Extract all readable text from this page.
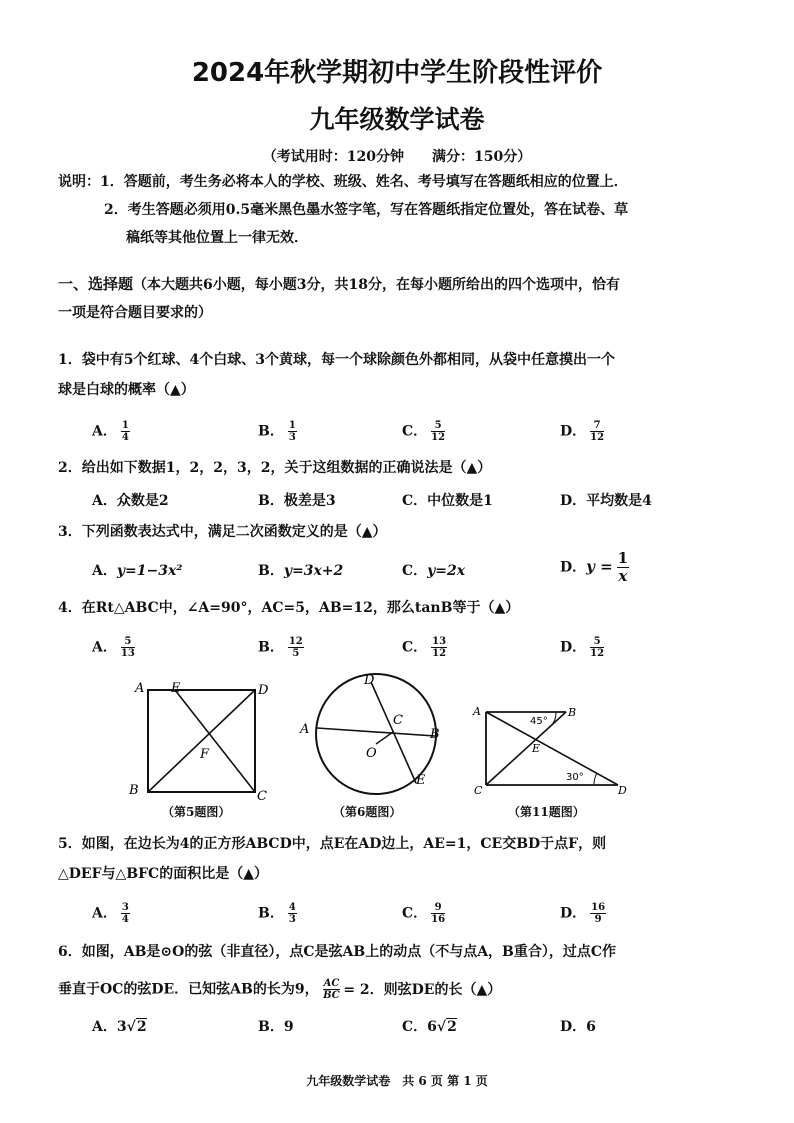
2024年秋学期初中学生阶段性评价
九年级数学试卷
（考试用时：120分钟　　满分：150分）
说明：1．答题前，考生务必将本人的学校、班级、姓名、考号填写在答题纸相应的位置上．
2．考生答题必须用0.5毫米黑色墨水签字笔，写在答题纸指定位置处，答在试卷、草
稿纸等其他位置上一律无效．
一、选择题（本大题共6小题，每小题3分，共18分，在每小题所给出的四个选项中，恰有
一项是符合题目要求的）
1．袋中有5个红球、4个白球、3个黄球，每一个球除颜色外都相同，从袋中任意摸出一个
球是白球的概率（▲）
A． $\frac{1}{4}$	B． $\frac{1}{3}$	C． $\frac{5}{12}$	D． $\frac{7}{12}$
2．给出如下数据1，2，2，3，2，关于这组数据的正确说法是（▲）
A．众数是2	B．极差是3	C．中位数是1	D．平均数是4
3．下列函数表达式中，满足二次函数定义的是（▲）
A．y=1−3x²	B．y=3x+2	C．y=2x	D．$y = \frac{1}{x}$
4．在Rt△ABC中，∠A=90°，AC=5，AB=12，那么tanB等于（▲）
A． $\frac{5}{13}$	B． $\frac{12}{5}$	C． $\frac{13}{12}$	D． $\frac{5}{12}$
A E	D
F
B	C
（第5题图）
D
C
A	B
O
E
（第6题图）
A	B
45°
E
30°
C	D
（第11题图）
5．如图，在边长为4的正方形ABCD中，点E在AD边上，AE=1，CE交BD于点F，则
△DEF与△BFC的面积比是（▲）
A． $\frac{3}{4}$	B． $\frac{4}{3}$	C． $\frac{9}{16}$	D． $\frac{16}{9}$
6．如图，AB是⊙O的弦（非直径），点C是弦AB上的动点（不与点A，B重合），过点C作
垂直于OC的弦DE．已知弦AB的长为9， $\frac{AC}{BC} = 2$．则弦DE的长（▲）
A．3√2	B．9	C．6√2	D．6
九年级数学试卷　共 6 页 第 1 页
